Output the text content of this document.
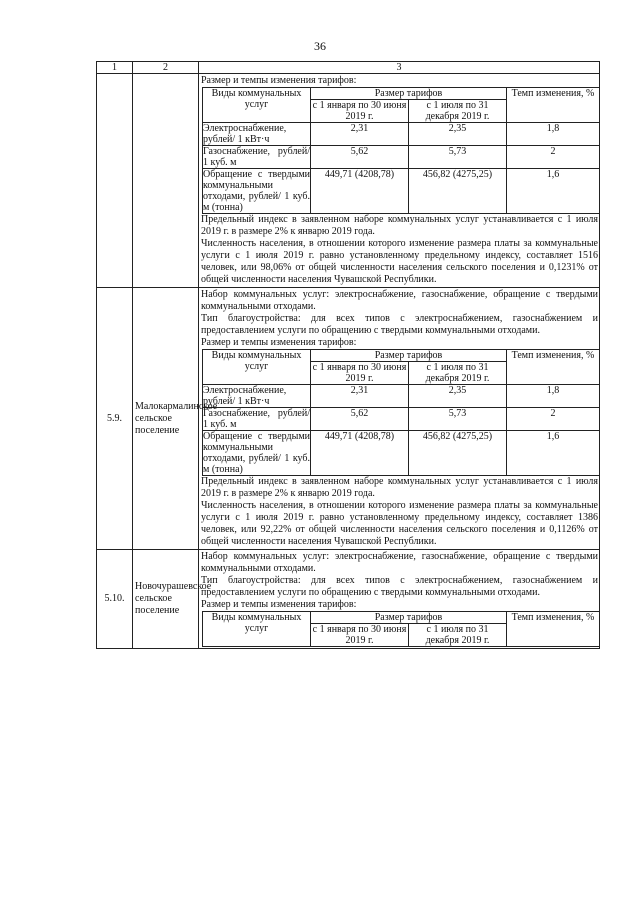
36
1	2	3

Размер и темпы изменения тарифов:
Виды коммунальных услуг	Размер тарифов	Темп изменения, %
с 1 января по 30 июня 2019 г.	с 1 июля по 31 декабря 2019 г.
Электроснабжение, рублей/ 1 кВт·ч	2,31	2,35	1,8
Газоснабжение, рублей/ 1 куб. м	5,62	5,73	2
Обращение с твердыми коммунальными отходами, рублей/ 1 куб. м (тонна)	449,71 (4208,78)	456,82 (4275,25)	1,6
Предельный индекс в заявленном наборе коммунальных услуг устанавливается с 1 июля 2019 г. в размере 2% к январю 2019 года.
Численность населения, в отношении которого изменение размера платы за коммунальные услуги с 1 июля 2019 г. равно установленному предельному индексу, составляет 1516 человек, или 98,06% от общей численности населения сельского поселения и 0,1231% от общей численности населения Чувашской Республики.

5.9.	Малокармалинское сельское поселение	
Набор коммунальных услуг: электроснабжение, газоснабжение, обращение с твердыми коммунальными отходами.
Тип благоустройства: для всех типов с электроснабжением, газоснабжением и предоставлением услуги по обращению с твердыми коммунальными отходами.
Размер и темпы изменения тарифов:
Виды коммунальных услуг	Размер тарифов	Темп изменения, %
с 1 января по 30 июня 2019 г.	с 1 июля по 31 декабря 2019 г.
Электроснабжение, рублей/ 1 кВт·ч	2,31	2,35	1,8
Газоснабжение, рублей/ 1 куб. м	5,62	5,73	2
Обращение с твердыми коммунальными отходами, рублей/ 1 куб. м (тонна)	449,71 (4208,78)	456,82 (4275,25)	1,6
Предельный индекс в заявленном наборе коммунальных услуг устанавливается с 1 июля 2019 г. в размере 2% к январю 2019 года.
Численность населения, в отношении которого изменение размера платы за коммунальные услуги с 1 июля 2019 г. равно установленному предельному индексу, составляет 1386 человек, или 92,22% от общей численности населения сельского поселения и 0,1126% от общей численности населения Чувашской Республики.

5.10.	Новочурашевское сельское поселение	
Набор коммунальных услуг: электроснабжение, газоснабжение, обращение с твердыми коммунальными отходами.
Тип благоустройства: для всех типов с электроснабжением, газоснабжением и предоставлением услуги по обращению с твердыми коммунальными отходами.
Размер и темпы изменения тарифов:
Виды коммунальных услуг	Размер тарифов	Темп изменения, %
с 1 января по 30 июня 2019 г.	с 1 июля по 31 декабря 2019 г.
